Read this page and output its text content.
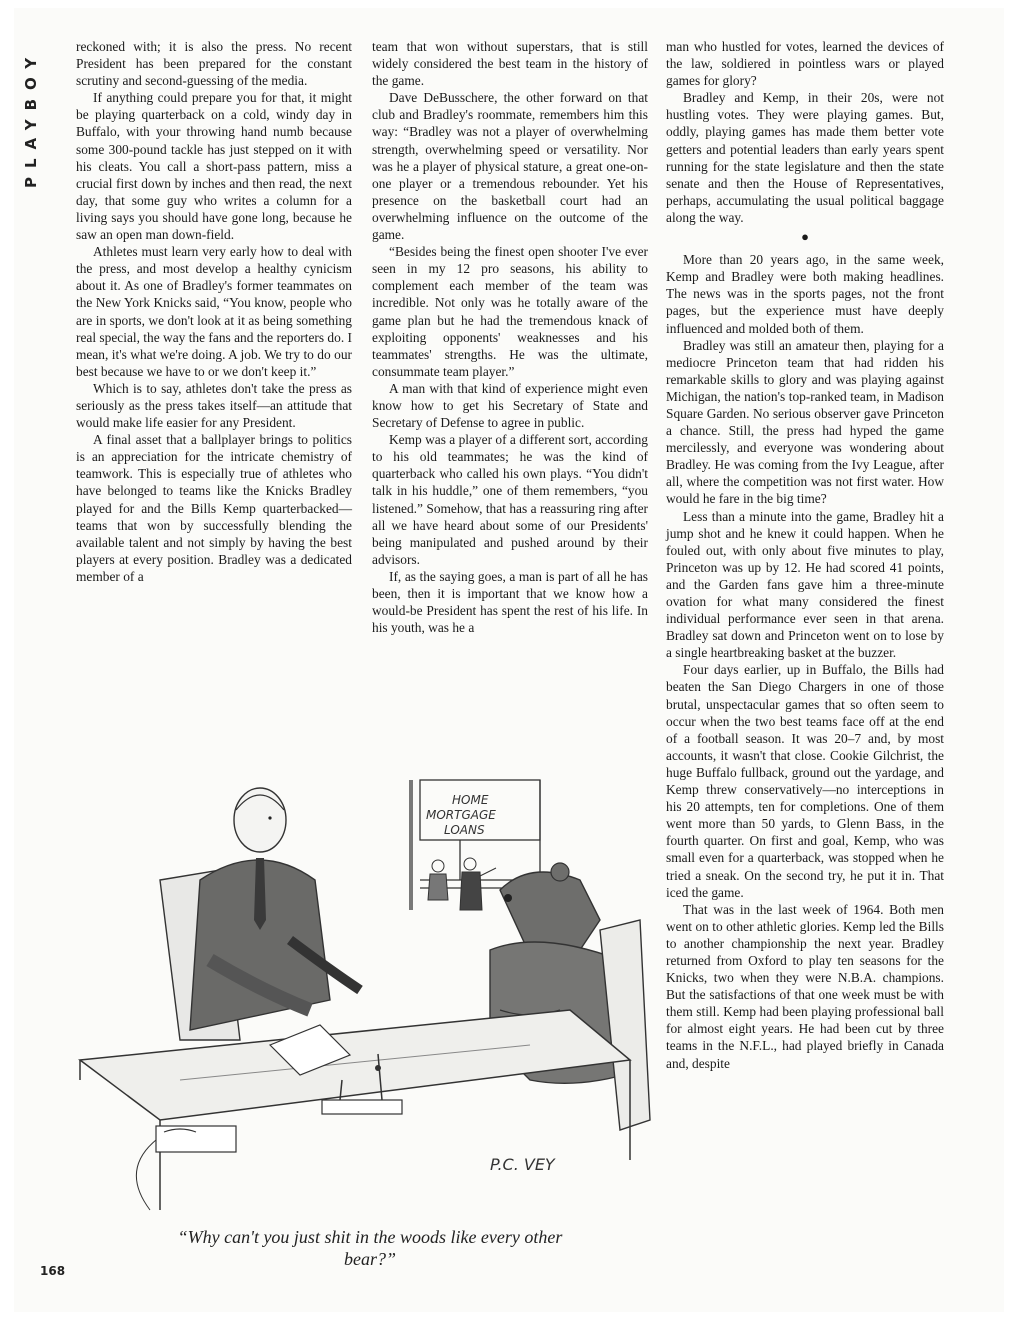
PLAYBOY

reckoned with; it is also the press. No recent President has been prepared for the constant scrutiny and second-guessing of the media.

If anything could prepare you for that, it might be playing quarterback on a cold, windy day in Buffalo, with your throwing hand numb because some 300-pound tackle has just stepped on it with his cleats. You call a short-pass pattern, miss a crucial first down by inches and then read, the next day, that some guy who writes a column for a living says you should have gone long, because he saw an open man down-field.

Athletes must learn very early how to deal with the press, and most develop a healthy cynicism about it. As one of Bradley's former teammates on the New York Knicks said, “You know, people who are in sports, we don't look at it as being something real special, the way the fans and the reporters do. I mean, it's what we're doing. A job. We try to do our best because we have to or we don't keep it.”

Which is to say, athletes don't take the press as seriously as the press takes itself—an attitude that would make life easier for any President.

A final asset that a ballplayer brings to politics is an appreciation for the intricate chemistry of teamwork. This is especially true of athletes who have belonged to teams like the Knicks Bradley played for and the Bills Kemp quarterbacked—teams that won by successfully blending the available talent and not simply by having the best players at every position. Bradley was a dedicated member of a

team that won without superstars, that is still widely considered the best team in the history of the game.

Dave DeBusschere, the other forward on that club and Bradley's roommate, remembers him this way: “Bradley was not a player of overwhelming strength, overwhelming speed or versatility. Nor was he a player of physical stature, a great one-on-one player or a tremendous rebounder. Yet his presence on the basketball court had an overwhelming influence on the outcome of the game.

“Besides being the finest open shooter I've ever seen in my 12 pro seasons, his ability to complement each member of the team was incredible. Not only was he totally aware of the game plan but he had the tremendous knack of exploiting opponents' weaknesses and his teammates' strengths. He was the ultimate, consummate team player.”

A man with that kind of experience might even know how to get his Secretary of State and Secretary of Defense to agree in public.

Kemp was a player of a different sort, according to his old teammates; he was the kind of quarterback who called his own plays. “You didn't talk in his huddle,” one of them remembers, “you listened.” Somehow, that has a reassuring ring after all we have heard about some of our Presidents' being manipulated and pushed around by their advisors.

If, as the saying goes, a man is part of all he has been, then it is important that we know how a would-be President has spent the rest of his life. In his youth, was he a

man who hustled for votes, learned the devices of the law, soldiered in pointless wars or played games for glory?

Bradley and Kemp, in their 20s, were not hustling votes. They were playing games. But, oddly, playing games has made them better vote getters and potential leaders than early years spent running for the state legislature and then the state senate and then the House of Representatives, perhaps, accumulating the usual political baggage along the way.

●

More than 20 years ago, in the same week, Kemp and Bradley were both making headlines. The news was in the sports pages, not the front pages, but the experience must have deeply influenced and molded both of them.

Bradley was still an amateur then, playing for a mediocre Princeton team that had ridden his remarkable skills to glory and was playing against Michigan, the nation's top-ranked team, in Madison Square Garden. No serious observer gave Princeton a chance. Still, the press had hyped the game mercilessly, and everyone was wondering about Bradley. He was coming from the Ivy League, after all, where the competition was not first water. How would he fare in the big time?

Less than a minute into the game, Bradley hit a jump shot and he knew it could happen. When he fouled out, with only about five minutes to play, Princeton was up by 12. He had scored 41 points, and the Garden fans gave him a three-minute ovation for what many considered the finest individual performance ever seen in that arena. Bradley sat down and Princeton went on to lose by a single heartbreaking basket at the buzzer.

Four days earlier, up in Buffalo, the Bills had beaten the San Diego Chargers in one of those brutal, unspectacular games that so often seem to occur when the two best teams face off at the end of a football season. It was 20–7 and, by most accounts, it wasn't that close. Cookie Gilchrist, the huge Buffalo fullback, ground out the yardage, and Kemp threw conservatively—no interceptions in his 20 attempts, ten for completions. One of them went more than 50 yards, to Glenn Bass, in the fourth quarter. On first and goal, Kemp, who was small even for a quarterback, was stopped when he tried a sneak. On the second try, he put it in. That iced the game.

That was in the last week of 1964. Both men went on to other athletic glories. Kemp led the Bills to another championship the next year. Bradley returned from Oxford to play ten seasons for the Knicks, two when they were N.B.A. champions. But the satisfactions of that one week must be with them still. Kemp had been playing professional ball for almost eight years. He had been cut by three teams in the N.F.L., had played briefly in Canada and, despite

HOME
MORTGAGE
LOANS
P.C. VEY
“Why can't you just shit in the woods like every other bear?”
168
